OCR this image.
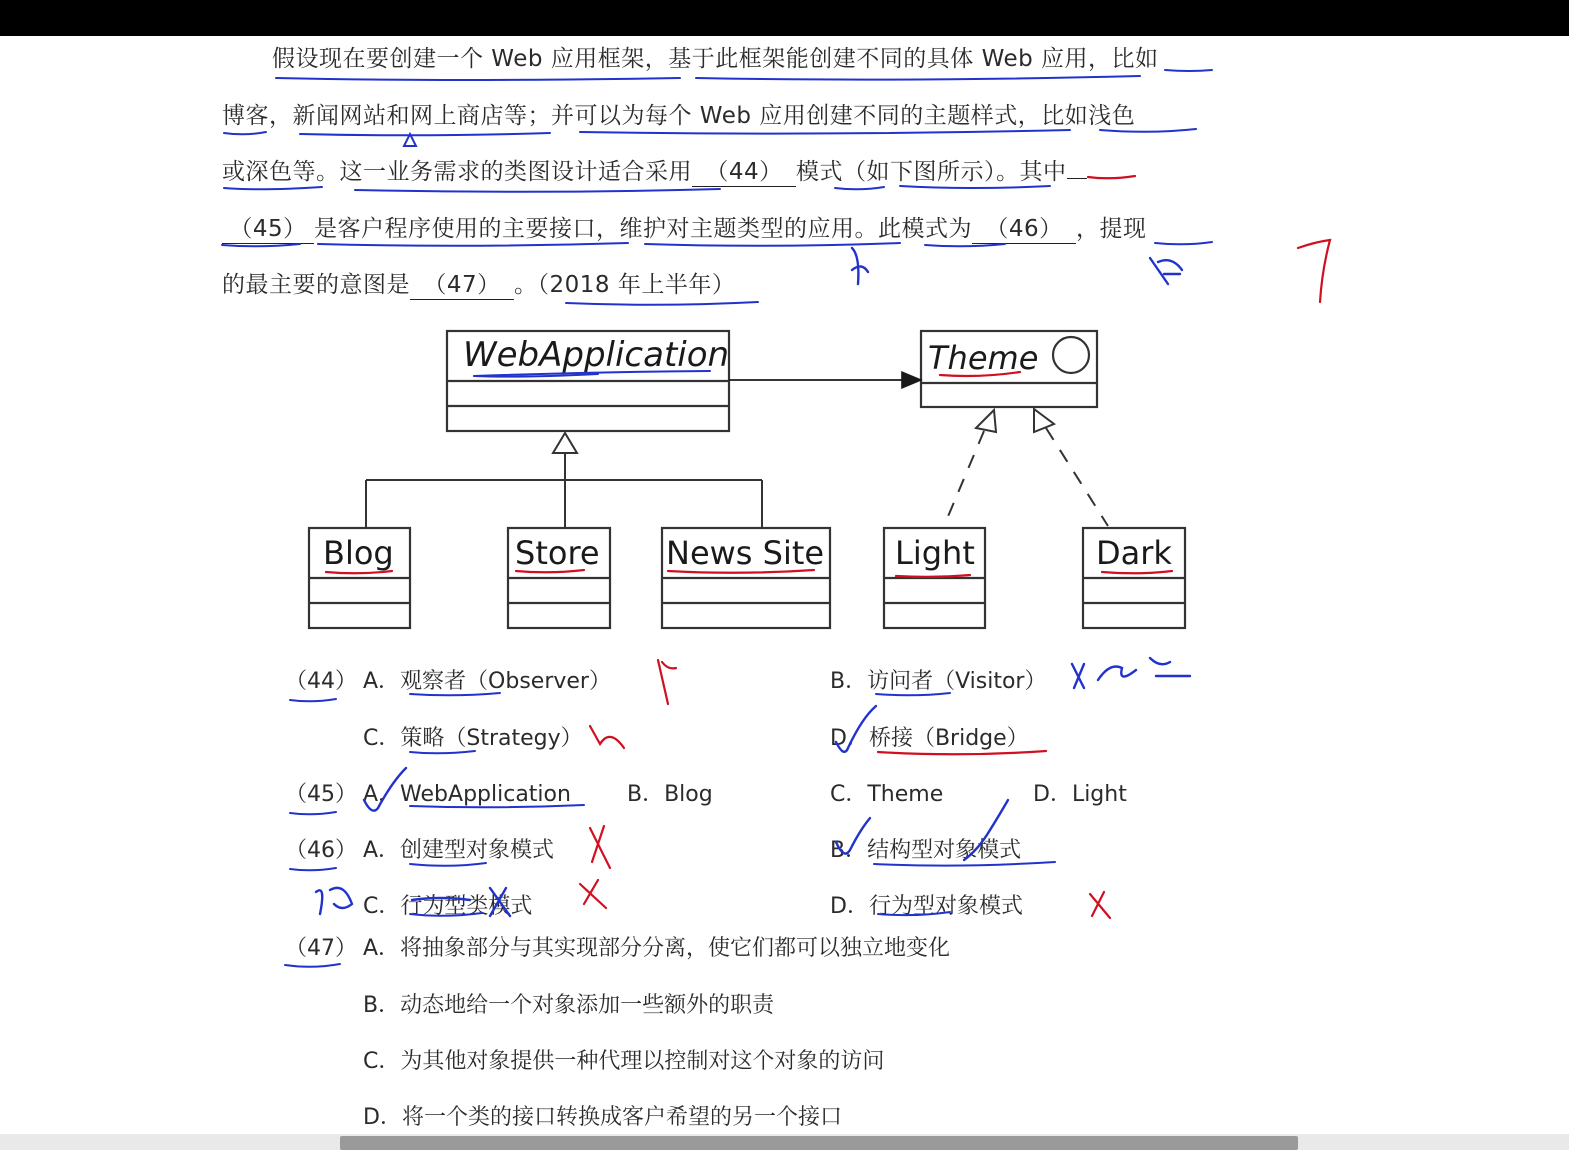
假设现在要创建一个 Web 应用框架，基于此框架能创建不同的具体 Web 应用，比如
博客，新闻网站和网上商店等；并可以为每个 Web 应用创建不同的主题样式，比如浅色
或深色等。这一业务需求的类图设计适合采用 （44） 模式（如下图所示）。其中
（45） 是客户程序使用的主要接口，维护对主题类型的应用。此模式为 （46） ，提现
的最主要的意图是 （47） 。（2018 年上半年）
WebApplication	Theme
Blog	Store News Site Light	Dark
（44） A．观察者（Observer）	B．访问者（Visitor）
C．策略（Strategy）	D．桥接（Bridge）
（45） A．WebApplication	B．Blog	C．Theme	D．Light
（46） A．创建型对象模式	B．结构型对象模式
C．行为型类模式	D．行为型对象模式
（47） A．将抽象部分与其实现部分分离，使它们都可以独立地变化
B．动态地给一个对象添加一些额外的职责
C．为其他对象提供一种代理以控制对这个对象的访问
D．将一个类的接口转换成客户希望的另一个接口
